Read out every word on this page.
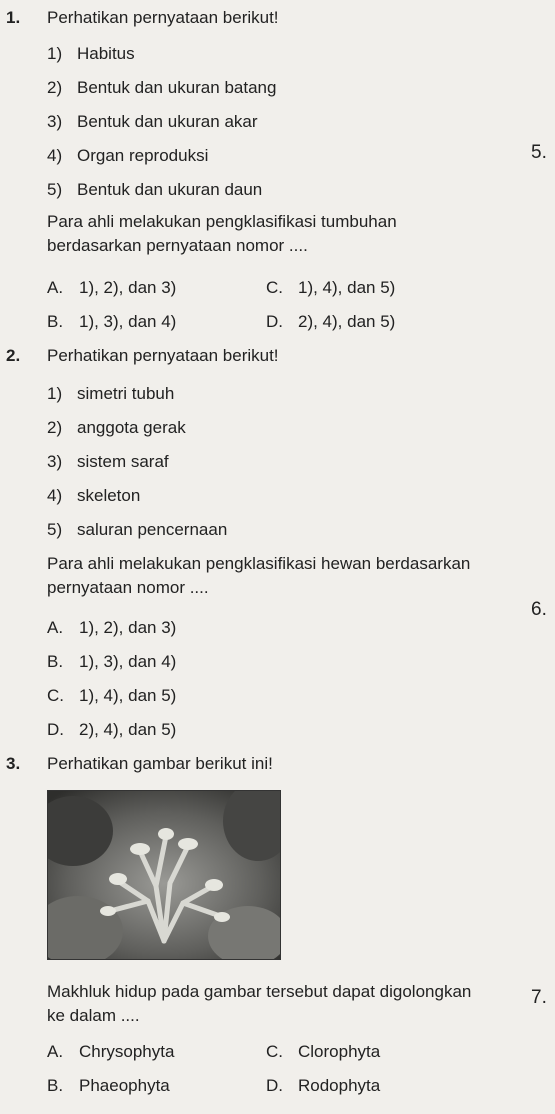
1. Perhatikan pernyataan berikut!
1) Habitus
2) Bentuk dan ukuran batang
3) Bentuk dan ukuran akar
4) Organ reproduksi
5) Bentuk dan ukuran daun
Para ahli melakukan pengklasifikasi tumbuhan berdasarkan pernyataan nomor ....
A. 1), 2), dan 3)	C. 1), 4), dan 5)
B. 1), 3), dan 4)	D. 2), 4), dan 5)
2. Perhatikan pernyataan berikut!
1) simetri tubuh
2) anggota gerak
3) sistem saraf
4) skeleton
5) saluran pencernaan
Para ahli melakukan pengklasifikasi hewan berdasarkan pernyataan nomor ....
A. 1), 2), dan 3)
B. 1), 3), dan 4)
C. 1), 4), dan 5)
D. 2), 4), dan 5)
3. Perhatikan gambar berikut ini!
Makhluk hidup pada gambar tersebut dapat digolongkan ke dalam ....
A. Chrysophyta	C. Clorophyta
B. Phaeophyta	D. Rodophyta
5.
6.
7.
